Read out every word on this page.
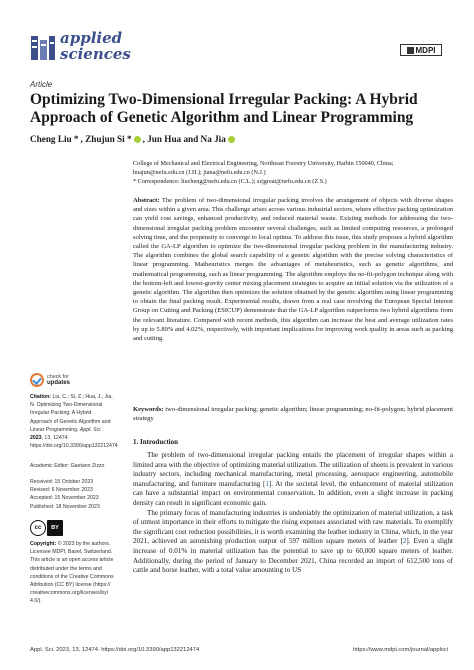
applied
sciences	MDPI
Article
Optimizing Two-Dimensional Irregular Packing: A Hybrid
Approach of Genetic Algorithm and Linear Programming
Cheng Liu * , Zhujun Si * , Jun Hua and Na Jia
College of Mechanical and Electrical Engineering, Northeast Forestry University, Harbin 150040, China;
huajun@nefu.edu.cn (J.H.); jiana@nefu.edu.cn (N.J.)
* Correspondence: liucheng@nefu.edu.cn (C.L.); szjgreat@nefu.edu.cn (Z.S.)
Abstract: The problem of two-dimensional irregular packing involves the arrangement of objects with diverse shapes and sizes within a given area. This challenge arises across various industrial sectors, where effective packing optimization can yield cost savings, enhanced productivity, and reduced material waste. Existing methods for addressing the two-dimensional irregular packing problem encounter several challenges, such as limited computing resources, a prolonged solving time, and the propensity to converge to local optima. To address this issue, this study proposes a hybrid algorithm called the GA-LP algorithm to optimize the two-dimensional irregular packing problem in the manufacturing industry. The algorithm combines the global search capability of a genetic algorithm with the precise solving characteristics of linear programming. Matheuristics merges the advantages of metaheuristics, such as genetic algorithms, and mathematical programming, such as linear programming. The algorithm employs the no-fit-polygon technique along with the bottom-left and lowest-gravity center mixing placement strategies to acquire an initial solution via the utilization of a genetic algorithm. The algorithm then optimizes the solution obtained by the genetic algorithm using linear programming to obtain the final packing result. Experimental results, drawn from a real case involving the European Special Interest Group on Cutting and Packing (ESICUP) demonstrate that the GA-LP algorithm outperforms two hybrid algorithms from the relevant literature. Compared with recent methods, this algorithm can increase the best and average utilization rates by up to 5.89% and 4.02%, respectively, with important implications for improving work quality in areas such as packing and cutting.
Keywords: two-dimensional irregular packing; genetic algorithm; linear programming; no-fit-polygon; hybrid placement strategy
1. Introduction

The problem of two-dimensional irregular packing entails the placement of irregular shapes within a limited area with the objective of optimizing material utilization. The utilization of sheets is prevalent in various industry sectors, including mechanical manufacturing, metal processing, aerospace engineering, automobile manufacturing, and furniture manufacturing [1]. At the societal level, the enhancement of material utilization can have a substantial impact on environmental conservation. In addition, even a slight increase in packing density can result in significant economic gain.

The primary focus of manufacturing industries is undeniably the optimization of material utilization, a task of utmost importance in their efforts to mitigate the rising expenses associated with raw materials. To exemplify the significant cost reduction possibilities, it is worth examining the leather industry in China, which, in the year 2021, achieved an astonishing production output of 597 million square meters of leather [2]. Even a slight increase of 0.01% in material utilization has the potential to save up to 60,000 square meters of leather. Additionally, during the period of January to December 2021, China recorded an import of 612,500 tons of cattle and horse leather, with a total value amounting to US

check for
updates
Citation: Liu, C.; Si, Z.; Hua, J.; Jia, N. Optimizing Two-Dimensional Irregular Packing: A Hybrid Approach of Genetic Algorithm and Linear Programming. Appl. Sci. 2023, 13, 12474. https://doi.org/10.3390/app132212474
Academic Editor: Gaetano Zizzo
Received: 15 October 2023
Revised: 6 November 2023
Accepted: 15 November 2023
Published: 18 November 2023
cc	BY
Copyright: © 2023 by the authors. Licensee MDPI, Basel, Switzerland. This article is an open access article distributed under the terms and conditions of the Creative Commons Attribution (CC BY) license (https:// creativecommons.org/licenses/by/ 4.0/).
Appl. Sci. 2023, 13, 12474. https://doi.org/10.3390/app132212474	https://www.mdpi.com/journal/applsci
